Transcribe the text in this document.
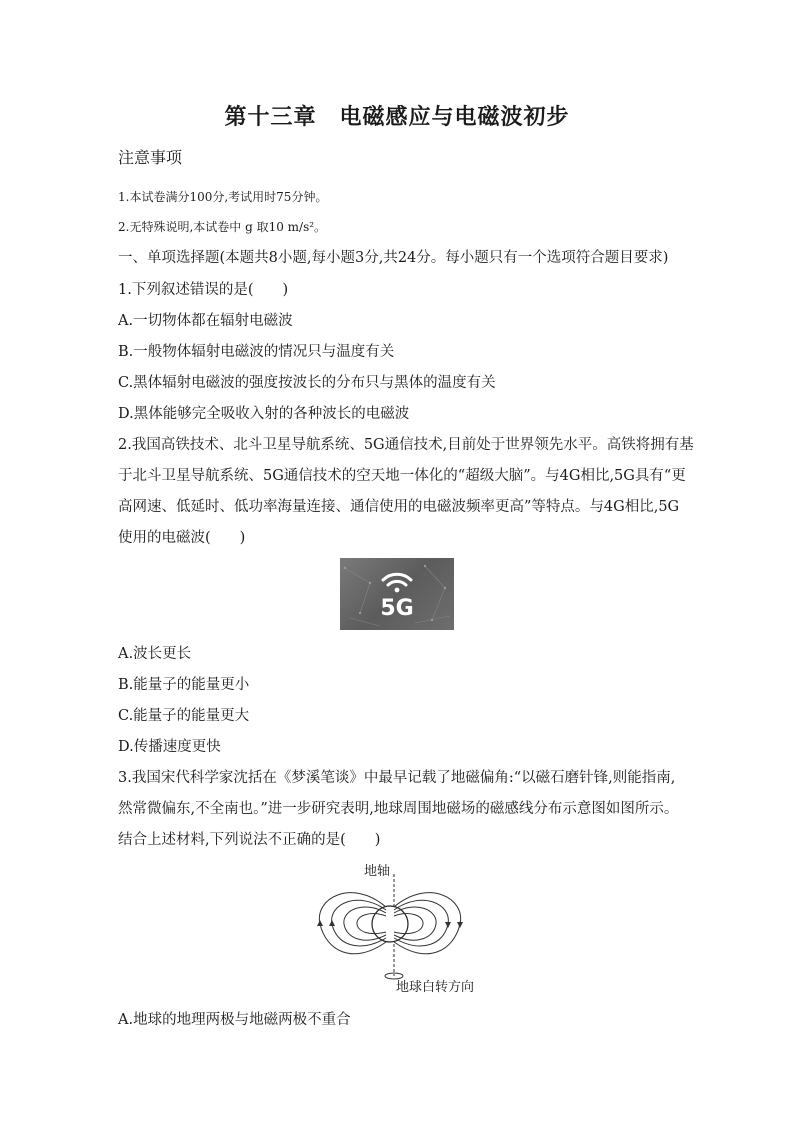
第十三章　电磁感应与电磁波初步
注意事项
1.本试卷满分100分,考试用时75分钟。
2.无特殊说明,本试卷中 g 取10 m/s²。
一、单项选择题(本题共8小题,每小题3分,共24分。每小题只有一个选项符合题目要求)
1.下列叙述错误的是(　　)
A.一切物体都在辐射电磁波
B.一般物体辐射电磁波的情况只与温度有关
C.黑体辐射电磁波的强度按波长的分布只与黑体的温度有关
D.黑体能够完全吸收入射的各种波长的电磁波
2.我国高铁技术、北斗卫星导航系统、5G通信技术,目前处于世界领先水平。高铁将拥有基
于北斗卫星导航系统、5G通信技术的空天地一体化的“超级大脑”。与4G相比,5G具有“更
高网速、低延时、低功率海量连接、通信使用的电磁波频率更高”等特点。与4G相比,5G
使用的电磁波(　　)
5G
A.波长更长
B.能量子的能量更小
C.能量子的能量更大
D.传播速度更快
3.我国宋代科学家沈括在《梦溪笔谈》中最早记载了地磁偏角:“以磁石磨针锋,则能指南,
然常微偏东,不全南也。”进一步研究表明,地球周围地磁场的磁感线分布示意图如图所示。
结合上述材料,下列说法不正确的是(　　)
地轴
地球白转方向
A.地球的地理两极与地磁两极不重合
